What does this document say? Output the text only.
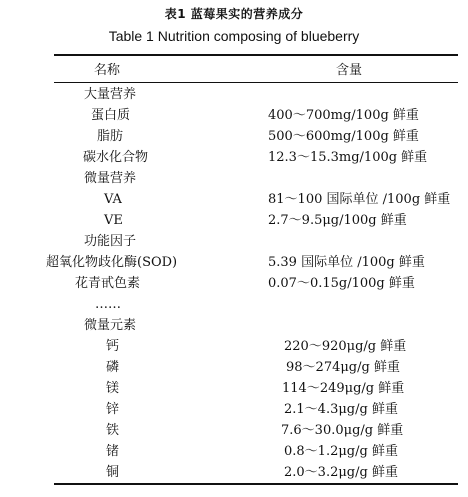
表1 蓝莓果实的营养成分
Table 1 Nutrition composing of blueberry
名称	含量
大量营养
蛋白质	400～700mg/100g 鲜重
脂肪	500～600mg/100g 鲜重
碳水化合物	12.3～15.3mg/100g 鲜重
微量营养
VA	81～100 国际单位 /100g 鲜重
VE	2.7～9.5μg/100g 鲜重
功能因子
超氧化物歧化酶(SOD)	5.39 国际单位 /100g 鲜重
花青甙色素	0.07～0.15g/100g 鲜重
……
微量元素
钙	220～920μg/g 鲜重
磷	98～274μg/g 鲜重
镁	114～249μg/g 鲜重
锌	2.1～4.3μg/g 鲜重
铁	7.6～30.0μg/g 鲜重
锗	0.8～1.2μg/g 鲜重
铜	2.0～3.2μg/g 鲜重
